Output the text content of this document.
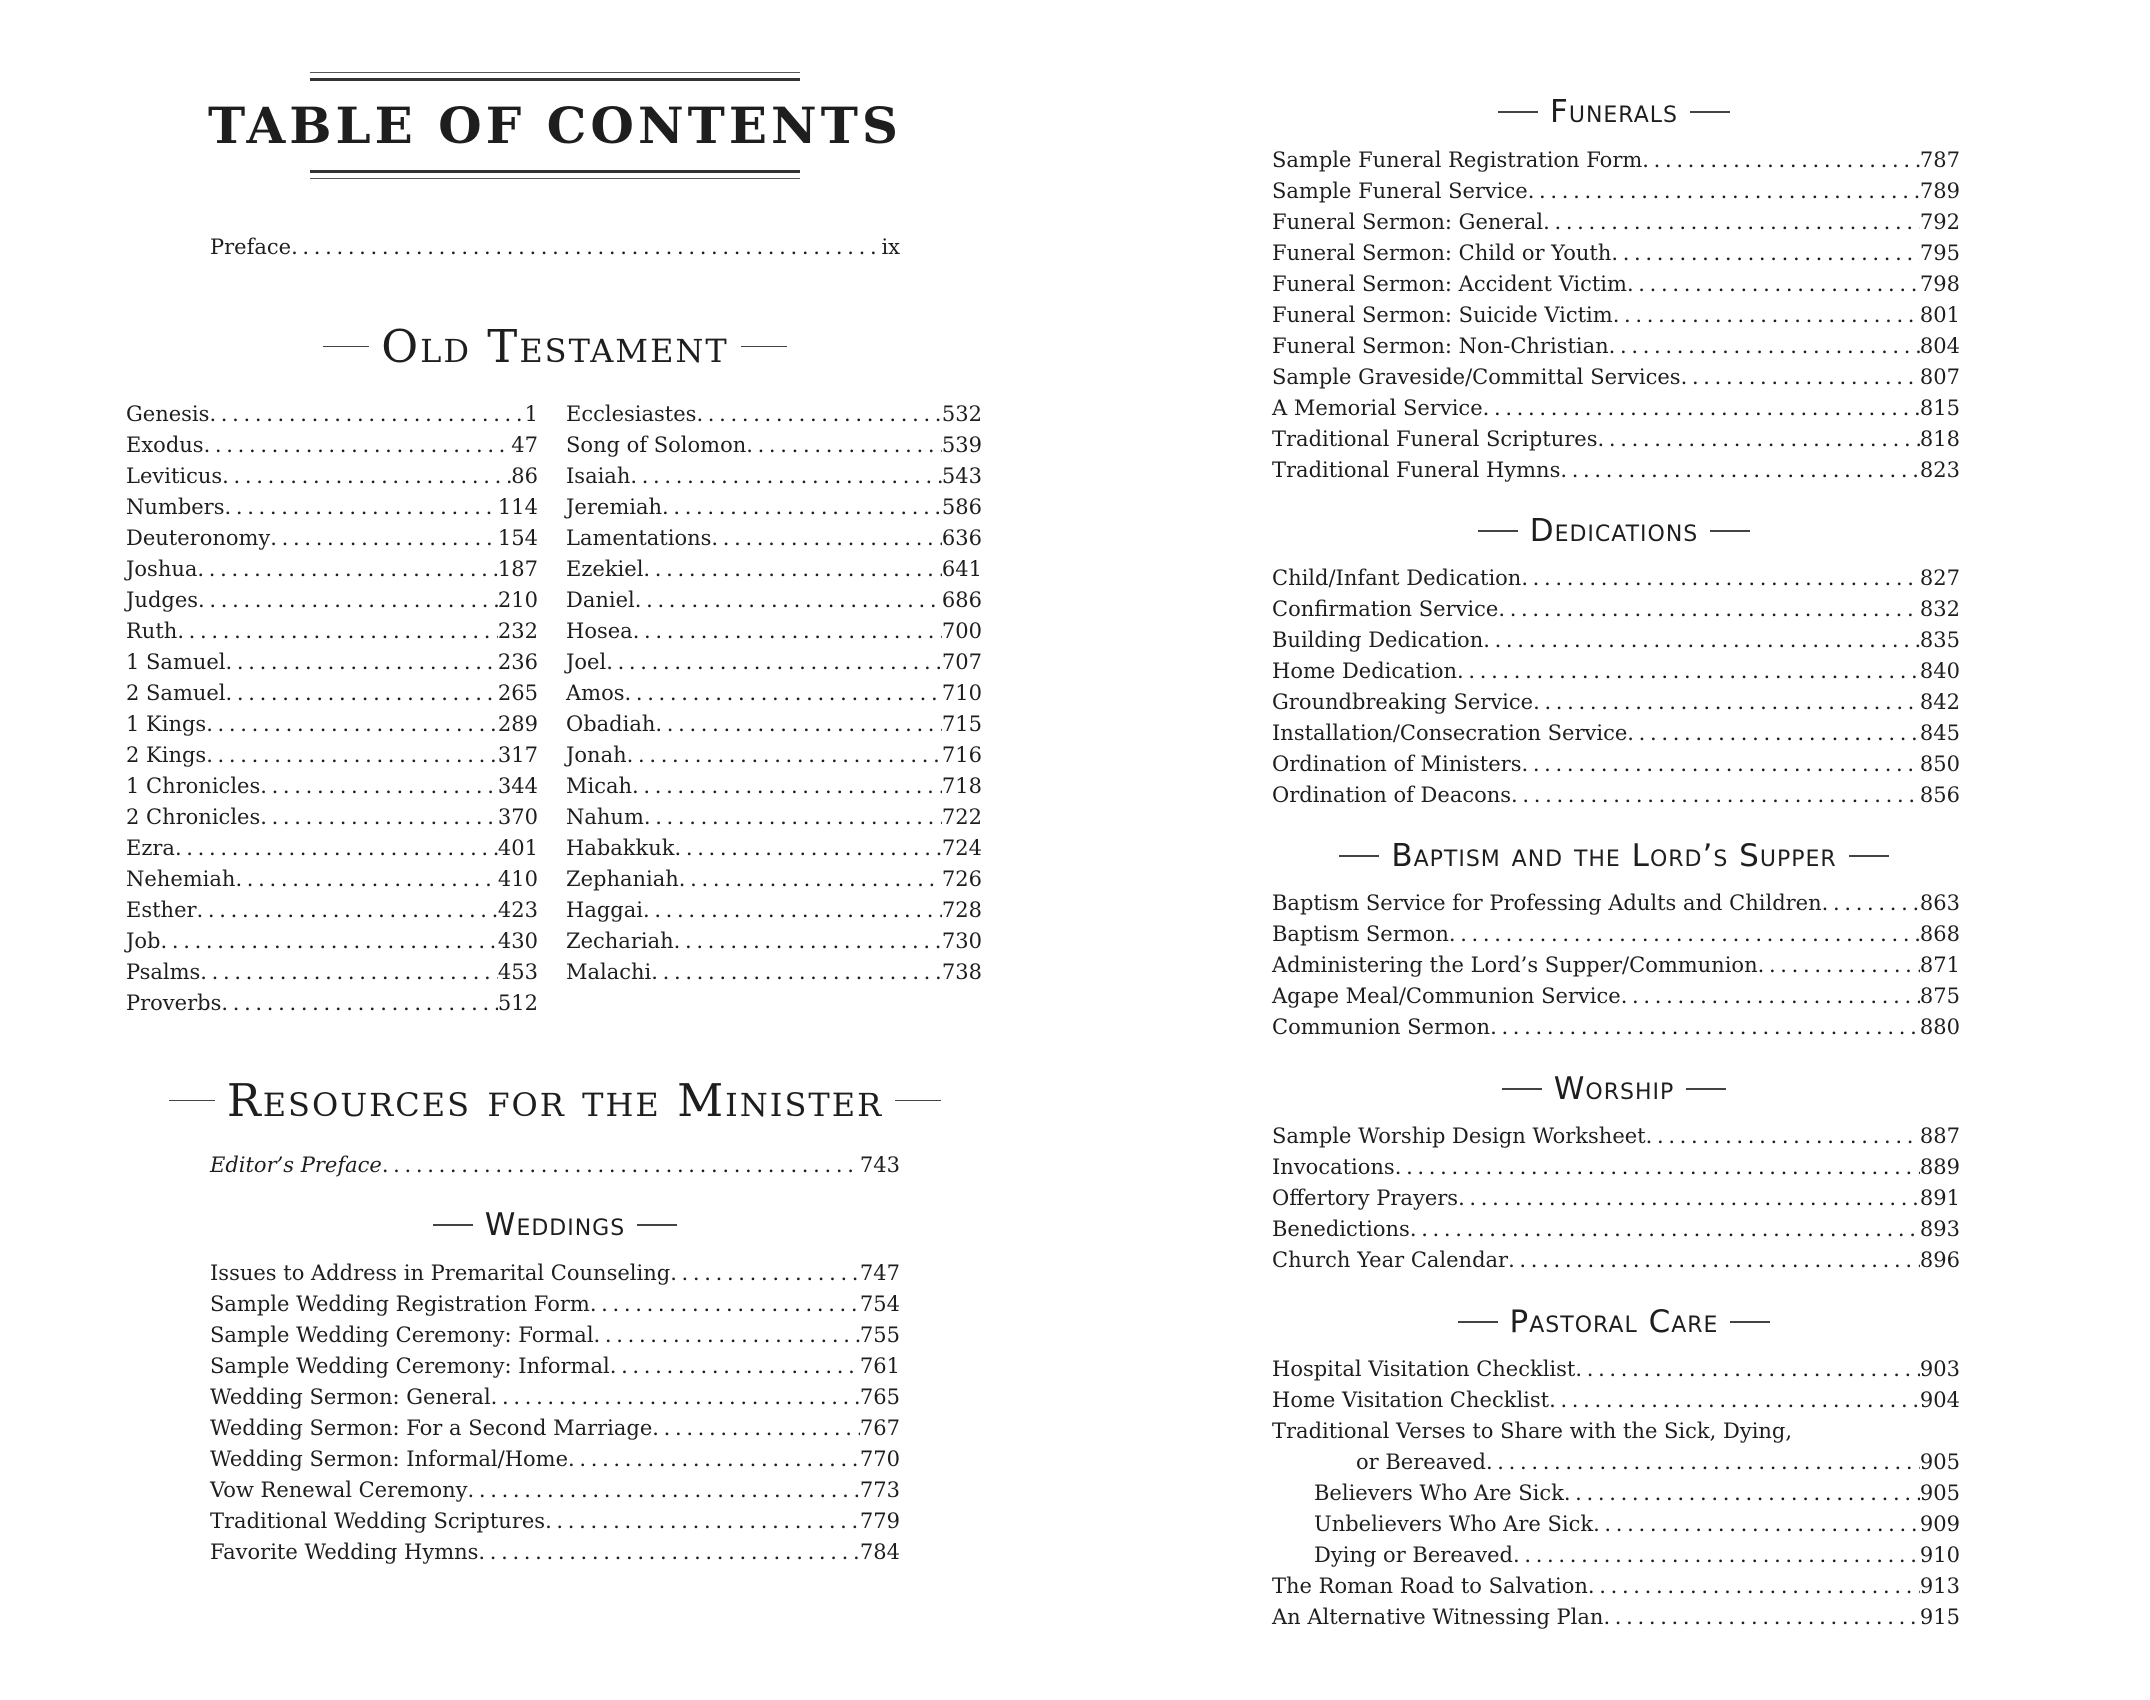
TABLE OF CONTENTS
Preface . . .	ix
Old Testament
Genesis . . .	1
Exodus . . .	47
Leviticus . . .	86
Numbers . . .	114
Deuteronomy . . .	154
Joshua . . .	187
Judges . . .	210
Ruth . . .	232
1 Samuel . . .	236
2 Samuel . . .	265
1 Kings . . .	289
2 Kings . . .	317
1 Chronicles . . .	344
2 Chronicles . . .	370
Ezra . . .	401
Nehemiah . . .	410
Esther . . .	423
Job . . .	430
Psalms . . .	453
Proverbs . . .	512
Ecclesiastes . . .	532
Song of Solomon . . .	539
Isaiah . . .	543
Jeremiah . . .	586
Lamentations . . .	636
Ezekiel . . .	641
Daniel . . .	686
Hosea . . .	700
Joel . . .	707
Amos . . .	710
Obadiah . . .	715
Jonah . . .	716
Micah . . .	718
Nahum . . .	722
Habakkuk . . .	724
Zephaniah . . .	726
Haggai . . .	728
Zechariah . . .	730
Malachi . . .	738
Resources for the Minister
Editor’s Preface . . .	743
Weddings
Issues to Address in Premarital Counseling . . .	747
Sample Wedding Registration Form . . .	754
Sample Wedding Ceremony: Formal . . .	755
Sample Wedding Ceremony: Informal . . .	761
Wedding Sermon: General . . .	765
Wedding Sermon: For a Second Marriage . . .	767
Wedding Sermon: Informal/Home . . .	770
Vow Renewal Ceremony . . .	773
Traditional Wedding Scriptures . . .	779
Favorite Wedding Hymns . . .	784
Funerals
Sample Funeral Registration Form . . .	787
Sample Funeral Service . . .	789
Funeral Sermon: General . . .	792
Funeral Sermon: Child or Youth . . .	795
Funeral Sermon: Accident Victim . . .	798
Funeral Sermon: Suicide Victim . . .	801
Funeral Sermon: Non-Christian . . .	804
Sample Graveside/Committal Services . . .	807
A Memorial Service . . .	815
Traditional Funeral Scriptures . . .	818
Traditional Funeral Hymns . . .	823
Dedications
Child/Infant Dedication . . .	827
Confirmation Service . . .	832
Building Dedication . . .	835
Home Dedication . . .	840
Groundbreaking Service . . .	842
Installation/Consecration Service . . .	845
Ordination of Ministers . . .	850
Ordination of Deacons . . .	856
Baptism and the Lord’s Supper
Baptism Service for Professing Adults and Children . . .	863
Baptism Sermon . . .	868
Administering the Lord’s Supper/Communion . . .	871
Agape Meal/Communion Service . . .	875
Communion Sermon . . .	880
Worship
Sample Worship Design Worksheet . . .	887
Invocations . . .	889
Offertory Prayers . . .	891
Benedictions . . .	893
Church Year Calendar . . .	896
Pastoral Care
Hospital Visitation Checklist . . .	903
Home Visitation Checklist . . .	904
Traditional Verses to Share with the Sick, Dying,
or Bereaved . . .	905
Believers Who Are Sick . . .	905
Unbelievers Who Are Sick . . .	909
Dying or Bereaved . . .	910
The Roman Road to Salvation . . .	913
An Alternative Witnessing Plan . . .	915
